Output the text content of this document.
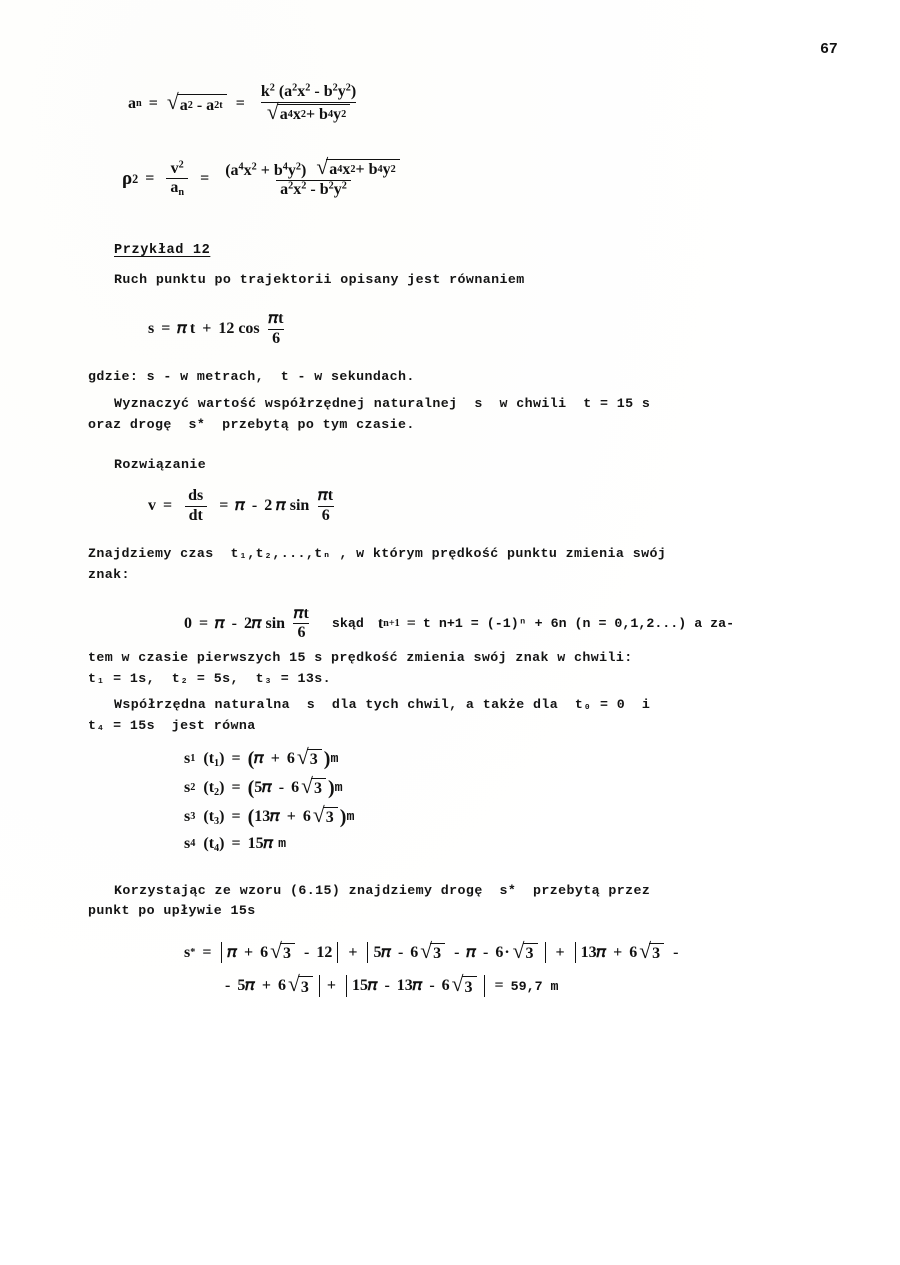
67
a n = √ a 2 - a 2 $t = \frac{k^2 (a^2x^2 - b^2y^2)}{√ a 4 x 2 + b 4 y 2}$
ρ $2 = \frac{v^2}{a_n} = (a^4x^2 + b^4y^2)$ √ a 4 x 2 + b 4 y 2
$a^2x^2 - b^2y^2$
Przykład 12
Ruch punktu po trajektorii opisany jest równaniem
s = 𝜋 t + 12 $\cos \frac{\text{𝜋t}}{6}$
gdzie: s - w metrach,  t - w sekundach.
Wyznaczyć wartość współrzędnej naturalnej  s  w chwili  t = 15 s
oraz drogę  s*  przebytą po tym czasie.
Rozwiązanie
$v = \frac{ds}{dt}$ = 𝜋 - 2 𝜋 $\sin \frac{\text{𝜋t}}{6}$
Znajdziemy czas  t₁,t₂,...,tₙ , w którym prędkość punktu zmienia swój
znak:
0 = 𝜋 - 2𝜋 $\sin \frac{\text{𝜋t}}{6}$ skąd t n+1 = t n+1 = (-1)ⁿ + 6n (n = 0,1,2...) a za-
tem w czasie pierwszych 15 s prędkość zmienia swój znak w chwili:
t₁ = 1s,  t₂ = 5s,  t₃ = 13s.
Współrzędna naturalna  s  dla tych chwil, a także dla  t₀ = 0  i
t₄ = 15s  jest równa
s 1 $(t_1)$ = ( 𝜋 + 6 √ 3 ) m
s 2 $(t_2)$ = ( 5 𝜋 - 6 √ 3 ) m
s 3 $(t_3)$ = ( 13 𝜋 + 6 √ 3 ) m
s 4 $(t_4) = 15$ 𝜋 m
Korzystając ze wzoru (6.15) znajdziemy drogę  s*  przebytą przez
punkt po upływie 15s
s * = 𝜋 + 6 √ 3 - 12 + 5 𝜋 - 6 √ 3 - 𝜋 - 6 · √ 3 + 13 𝜋 + 6 √ 3 -
- 5 𝜋 + 6 √ 3 + 15 𝜋 - 13 𝜋 - 6 √ 3 = 59,7 m
